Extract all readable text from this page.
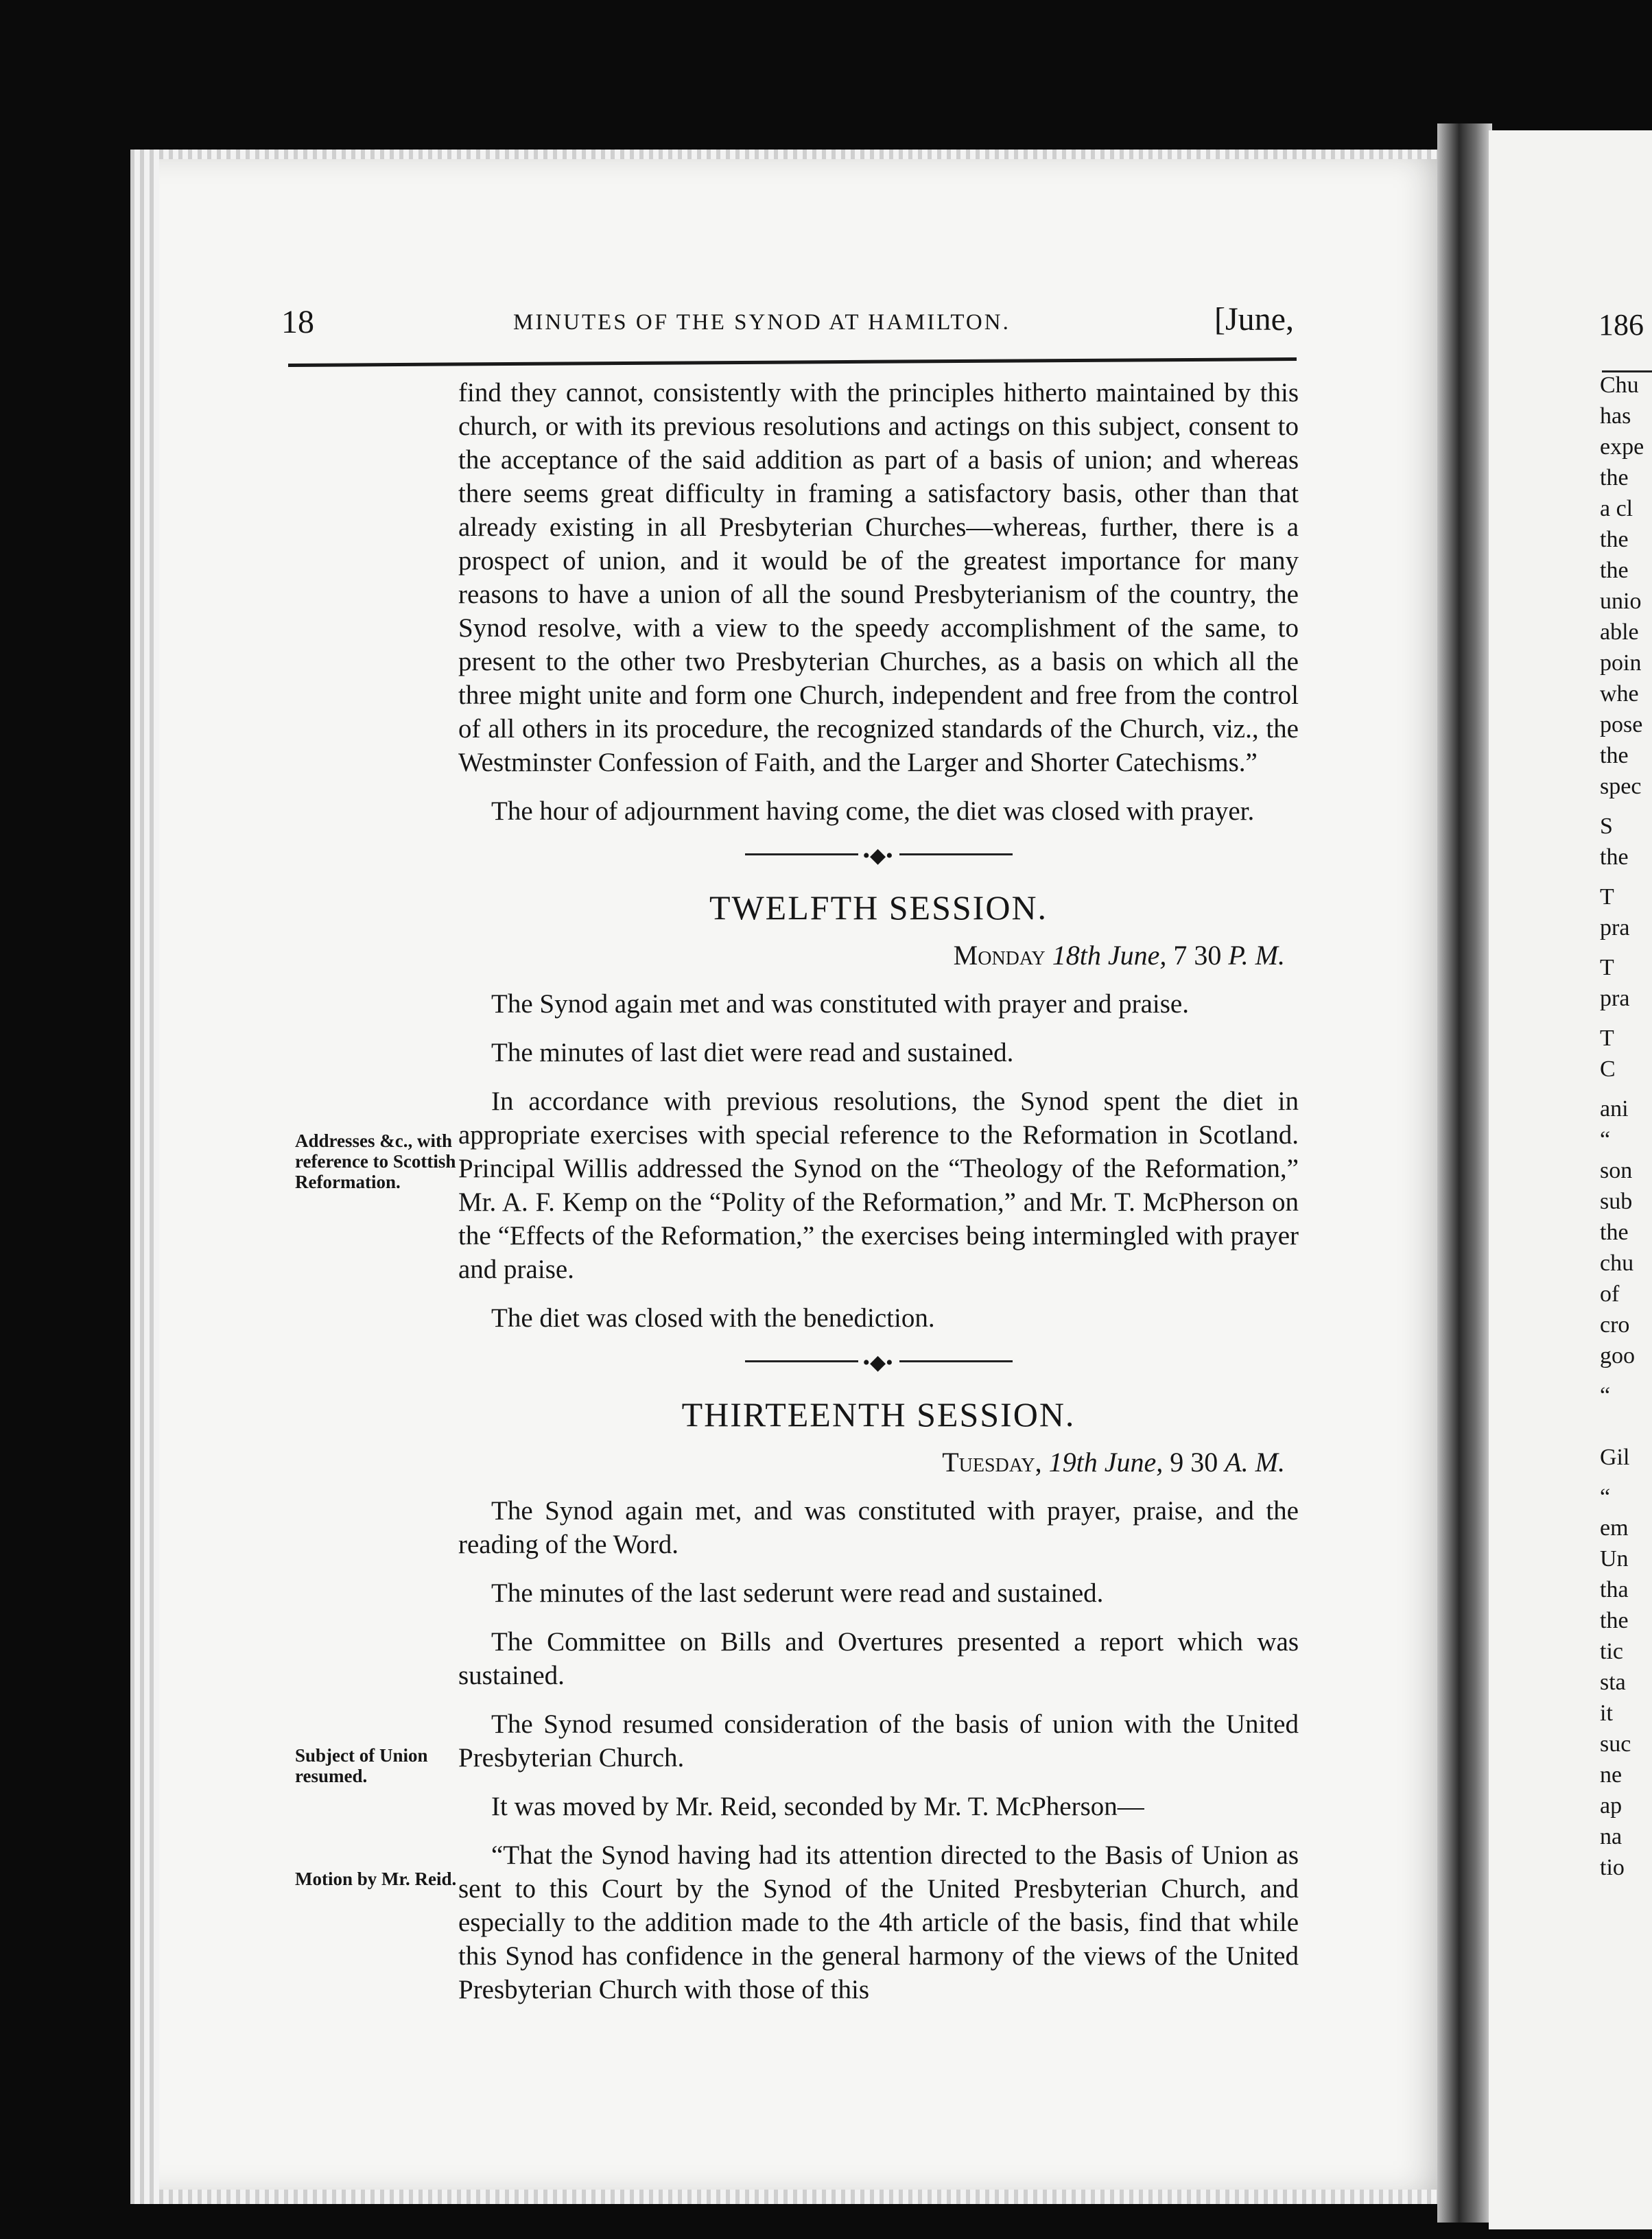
18	MINUTES OF THE SYNOD AT HAMILTON.	[June,
Addresses &c., with reference to Scottish Reformation.
Subject of Union resumed.
Motion by Mr. Reid.

find they cannot, consistently with the principles hitherto maintained by this church, or with its previous resolutions and actings on this subject, consent to the acceptance of the said addition as part of a basis of union; and whereas there seems great difficulty in framing a satisfactory basis, other than that already existing in all Presbyterian Churches—whereas, further, there is a prospect of union, and it would be of the greatest importance for many reasons to have a union of all the sound Presbyterianism of the country, the Synod resolve, with a view to the speedy accomplishment of the same, to present to the other two Presbyterian Churches, as a basis on which all the three might unite and form one Church, independent and free from the control of all others in its procedure, the recognized standards of the Church, viz., the Westminster Confession of Faith, and the Larger and Shorter Catechisms.”

The hour of adjournment having come, the diet was closed with prayer.

•◆•
TWELFTH SESSION.
Monday 18th June, 7 30 P. M.

The Synod again met and was constituted with prayer and praise.

The minutes of last diet were read and sustained.

In accordance with previous resolutions, the Synod spent the diet in appropriate exercises with special reference to the Reformation in Scotland. Principal Willis addressed the Synod on the “Theology of the Reformation,” Mr. A. F. Kemp on the “Polity of the Reformation,” and Mr. T. McPherson on the “Effects of the Reformation,” the exercises being intermingled with prayer and praise.

The diet was closed with the benediction.

•◆•
THIRTEENTH SESSION.
Tuesday, 19th June, 9 30 A. M.

The Synod again met, and was constituted with prayer, praise, and the reading of the Word.

The minutes of the last sederunt were read and sustained.

The Committee on Bills and Overtures presented a report which was sustained.

The Synod resumed consideration of the basis of union with the United Presbyterian Church.

It was moved by Mr. Reid, seconded by Mr. T. McPherson—

“That the Synod having had its attention directed to the Basis of Union as sent to this Court by the Synod of the United Presbyterian Church, and especially to the addition made to the 4th article of the basis, find that while this Synod has confidence in the general harmony of the views of the United Presbyterian Church with those of this

186
Chu
has
expe
the
a cl
the
the
unio
able
poin
whe
pose
the
spec
S
the
T
pra
T
pra
T
C
ani
“
son
sub
the
chu
of
cro
goo
“
Gil
“
em
Un
tha
the
tic
sta
it
suc
ne
ap
na
tio
